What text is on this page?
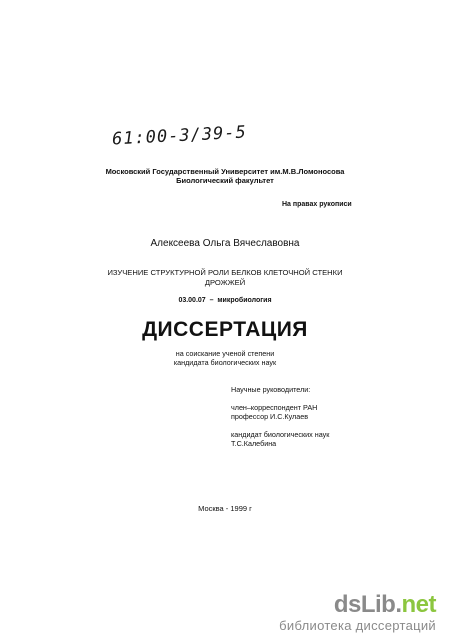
61:00-3/39-5
Московский Государственный Университет им.М.В.Ломоносова
Биологический факультет
На правах рукописи
Алексеева Ольга Вячеславовна
ИЗУЧЕНИЕ СТРУКТУРНОЙ РОЛИ БЕЛКОВ КЛЕТОЧНОЙ СТЕНКИ
ДРОЖЖЕЙ
03.00.07  –  микробиология
ДИССЕРТАЦИЯ
на соискание ученой степени
кандидата биологических наук

Научные руководители:

член–корреспондент РАН

профессор И.С.Кулаев

кандидат биологических наук

Т.С.Калебина

Москва - 1999 г
dsLib.net
библиотека диссертаций
